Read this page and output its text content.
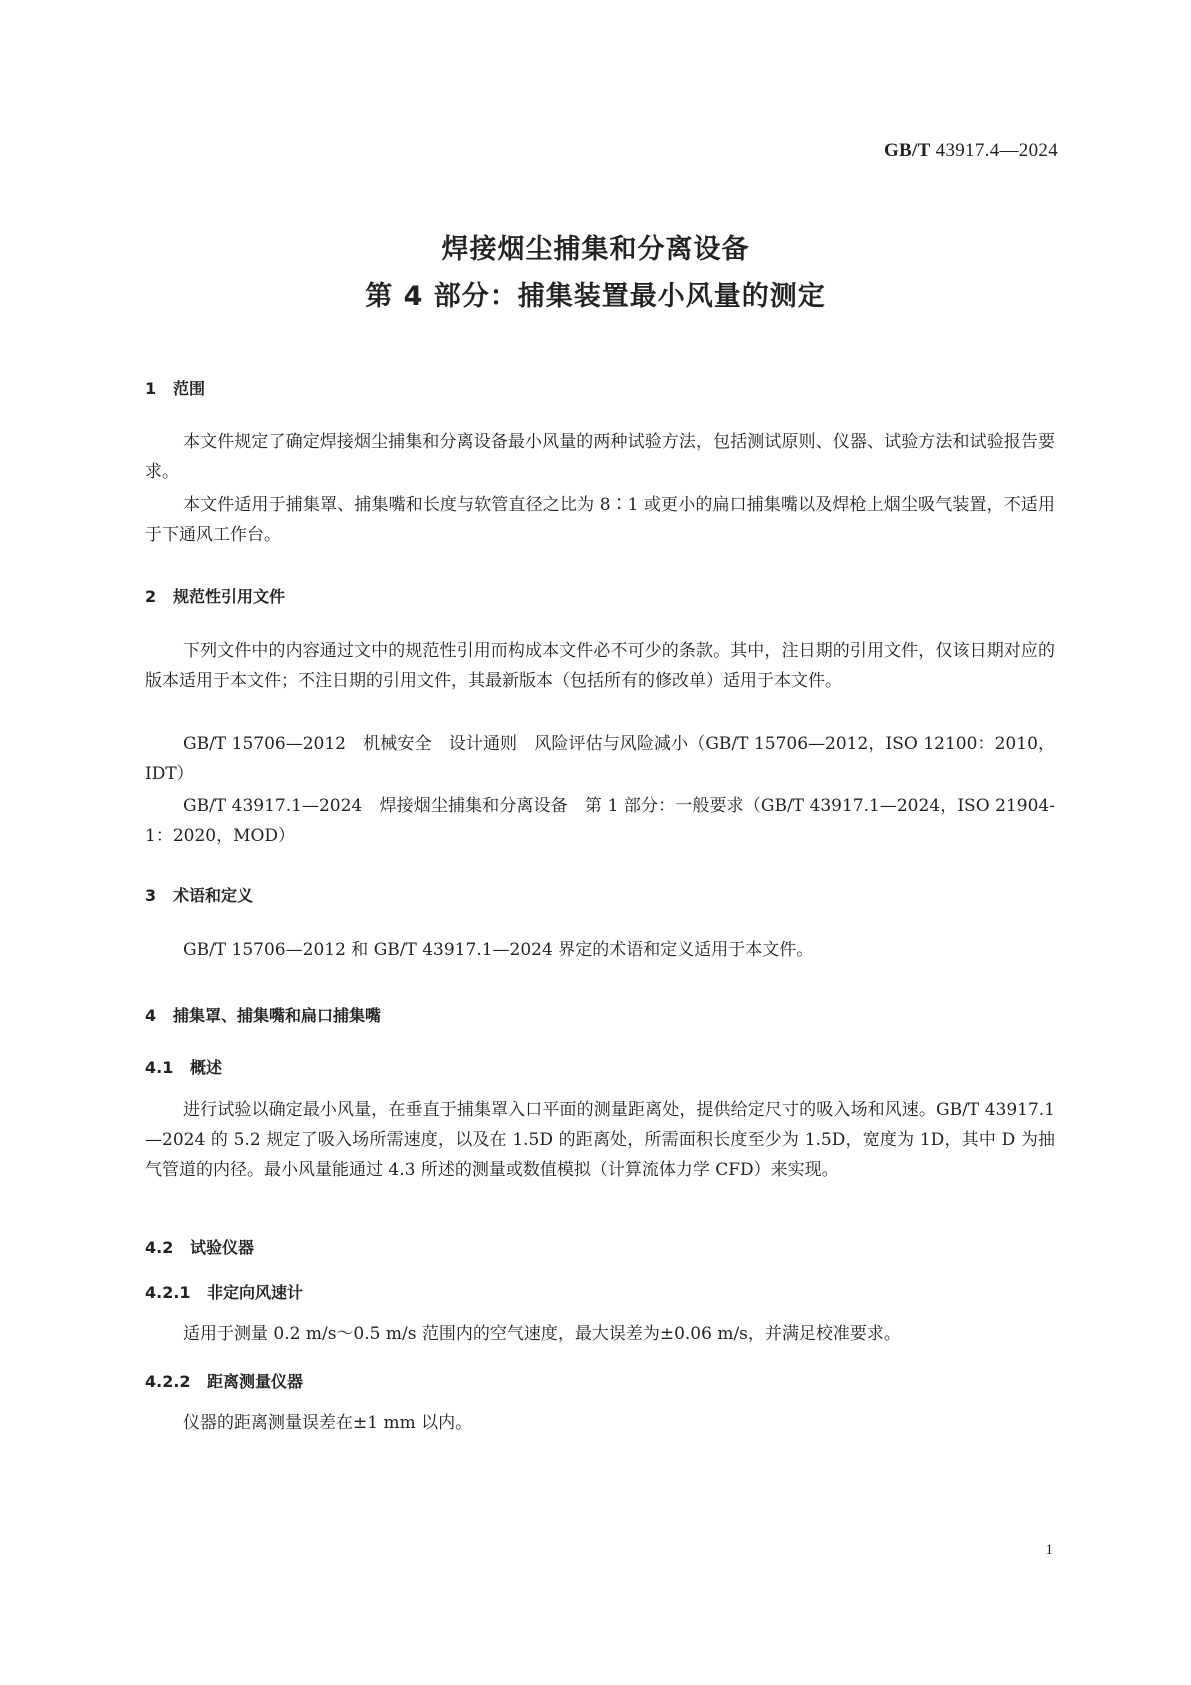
GB/T 43917.4—2024
焊接烟尘捕集和分离设备
第 4 部分：捕集装置最小风量的测定
1 范围

本文件规定了确定焊接烟尘捕集和分离设备最小风量的两种试验方法，包括测试原则、仪器、试验方法和试验报告要求。

本文件适用于捕集罩、捕集嘴和长度与软管直径之比为 8∶1 或更小的扁口捕集嘴以及焊枪上烟尘吸气装置，不适用于下通风工作台。

2 规范性引用文件

下列文件中的内容通过文中的规范性引用而构成本文件必不可少的条款。其中，注日期的引用文件，仅该日期对应的版本适用于本文件；不注日期的引用文件，其最新版本（包括所有的修改单）适用于本文件。

GB/T 15706—2012　机械安全　设计通则　风险评估与风险减小（GB/T 15706—2012，ISO 12100：2010，IDT）

GB/T 43917.1—2024　焊接烟尘捕集和分离设备　第 1 部分：一般要求（GB/T 43917.1—2024，ISO 21904-1：2020，MOD）

3 术语和定义

GB/T 15706—2012 和 GB/T 43917.1—2024 界定的术语和定义适用于本文件。

4 捕集罩、捕集嘴和扁口捕集嘴
4.1 概述

进行试验以确定最小风量，在垂直于捕集罩入口平面的测量距离处，提供给定尺寸的吸入场和风速。GB/T 43917.1—2024 的 5.2 规定了吸入场所需速度，以及在 1.5D 的距离处，所需面积长度至少为 1.5D，宽度为 1D，其中 D 为抽气管道的内径。最小风量能通过 4.3 所述的测量或数值模拟（计算流体力学 CFD）来实现。

4.2 试验仪器
4.2.1 非定向风速计

适用于测量 0.2 m/s～0.5 m/s 范围内的空气速度，最大误差为±0.06 m/s，并满足校准要求。

4.2.2 距离测量仪器

仪器的距离测量误差在±1 mm 以内。

1
